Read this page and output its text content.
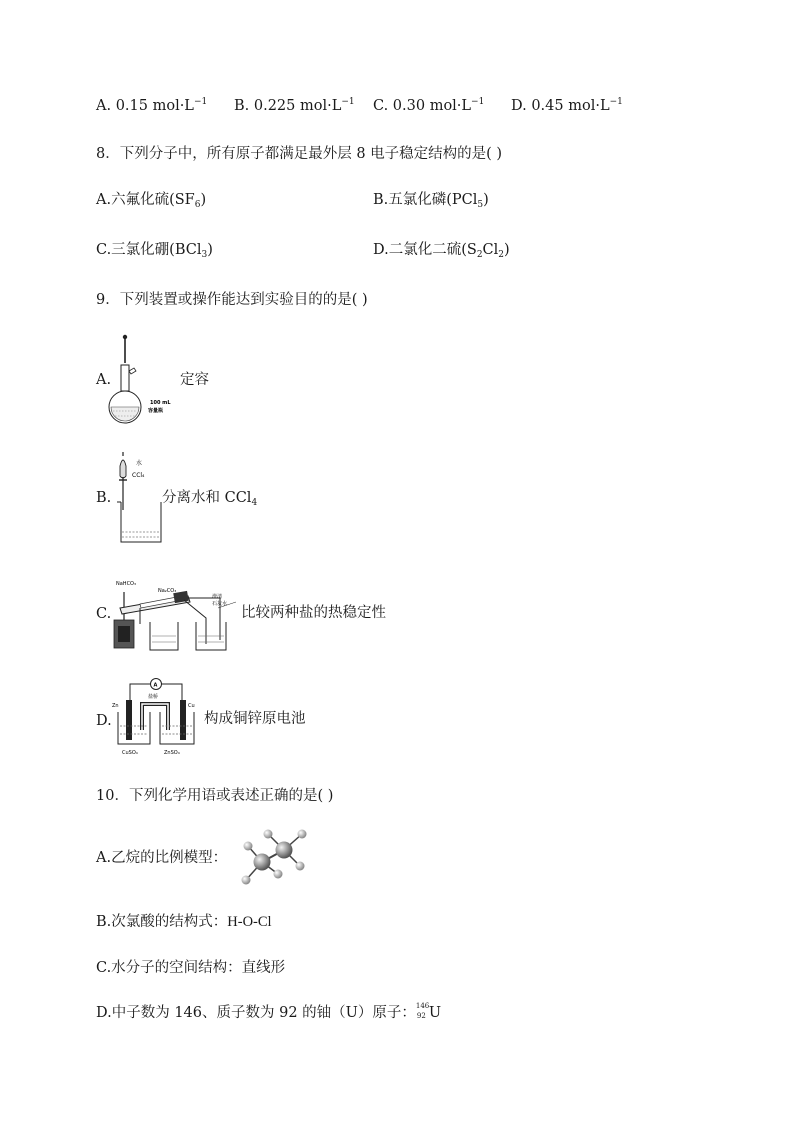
A. 0.15 $mol\cdot L^{-1}$ B. 0.225 $mol\cdot L^{-1}$ C. 0.30 $mol\cdot L^{-1}$ D. 0.45 $mol\cdot L^{-1}$
8．下列分子中，所有原子都满足最外层 8 电子稳定结构的是( )
A.六氟化硫$(SF_6)$	B.五氯化磷(PCl$_5$)
C.三氯化硼(BCl$_3$)	D.二氯化二硫$(S_2Cl_2)$
9．下列装置或操作能达到实验目的的是( )
A.
100 mL
容量瓶
定容
B.
水
CCl₄
分离水和 CCl$_4$
C.
NaHCO₃
Na₂CO₃
澄清
石灰水
比较两种盐的热稳定性
D.
A
盐桥
Zn	Cu
CuSO₄	ZnSO₄
构成铜锌原电池
10．下列化学用语或表述正确的是( )
A.乙烷的比例模型：
B.次氯酸的结构式：H-O-Cl
C.水分子的空间结构：直线形
D.中子数为 146、质子数为 92 的铀（U）原子： 146
92 U
